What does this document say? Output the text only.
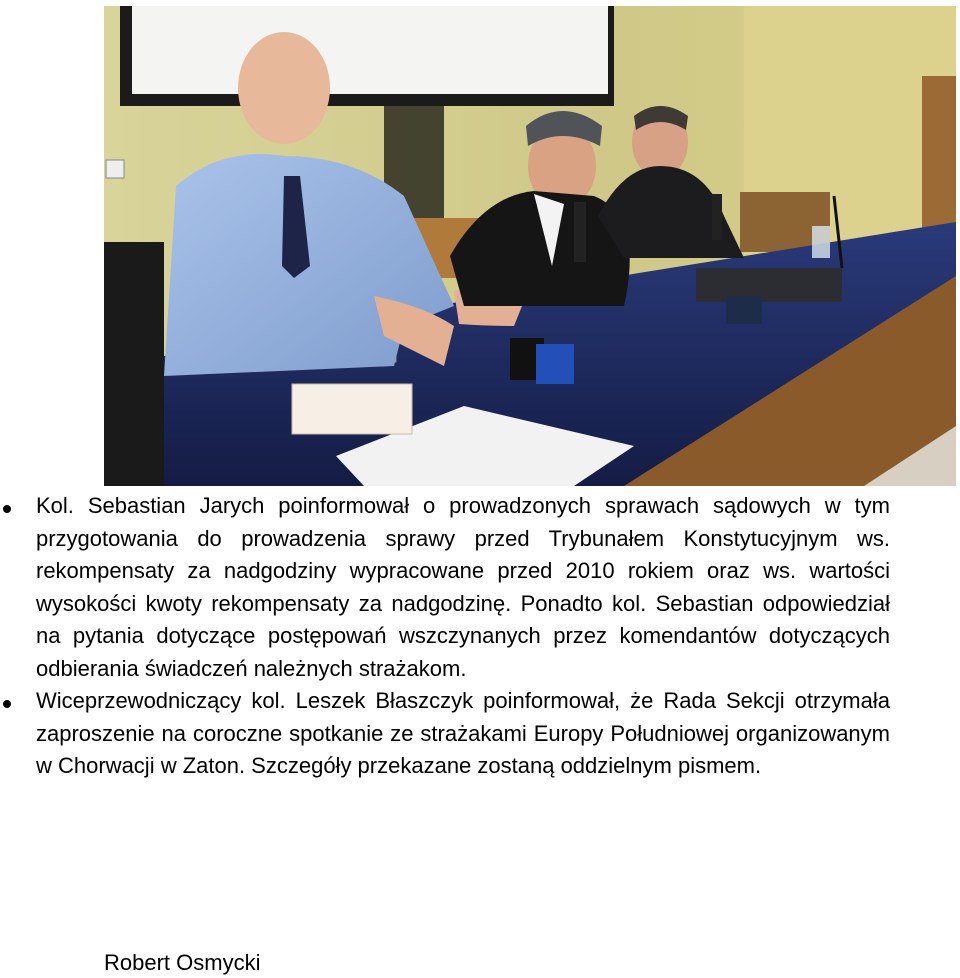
Kol. Sebastian Jarych poinformował o prowadzonych sprawach sądowych w tym przygotowania do prowadzenia sprawy przed Trybunałem Konstytucyjnym ws. rekompensaty za nadgodziny wypracowane przed 2010 rokiem oraz ws. wartości wysokości kwoty rekompensaty za nadgodzinę. Ponadto kol. Sebastian odpowiedział na pytania dotyczące postępowań wszczynanych przez komendantów dotyczących odbierania świadczeń należnych strażakom.
Wiceprzewodniczący kol. Leszek Błaszczyk poinformował, że Rada Sekcji otrzymała zaproszenie na coroczne spotkanie ze strażakami Europy Południowej organizowanym w Chorwacji w Zaton. Szczegóły przekazane zostaną oddzielnym pismem.
Robert Osmycki
